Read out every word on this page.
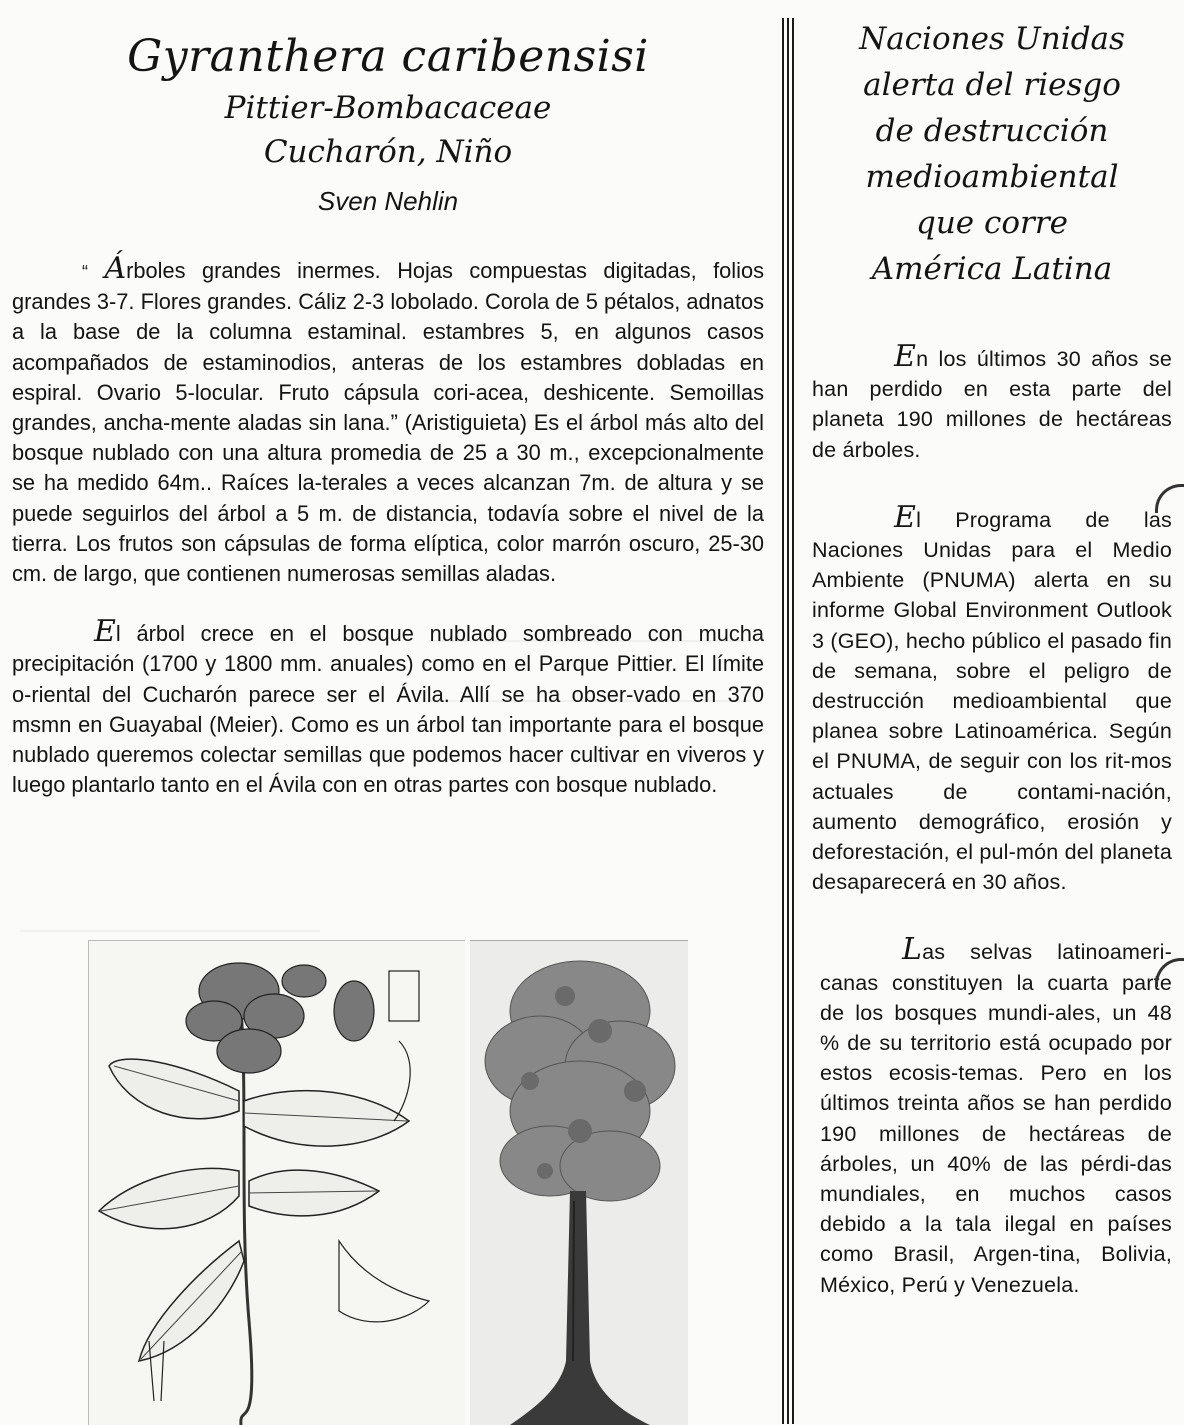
Gyranthera caribensisi
Pittier-Bombacaceae
Cucharón, Niño
Sven Nehlin

“ Árboles grandes inermes. Hojas compuestas digitadas, folios grandes 3-7. Flores grandes. Cáliz 2-3 lobolado. Corola de 5 pétalos, adnatos a la base de la columna estaminal. estambres 5, en algunos casos acompañados de estaminodios, anteras de los estambres dobladas en espiral. Ovario 5-locular. Fruto cápsula cori-acea, deshicente. Semoillas grandes, ancha-mente aladas sin lana.” (Aristiguieta) Es el árbol más alto del bosque nublado con una altura promedia de 25 a 30 m., excepcionalmente se ha medido 64m.. Raíces la-terales a veces alcanzan 7m. de altura y se puede seguirlos del árbol a 5 m. de distancia, todavía sobre el nivel de la tierra. Los frutos son cápsulas de forma elíptica, color marrón oscuro, 25-30 cm. de largo, que contienen numerosas semillas aladas.

El árbol crece en el bosque nublado sombreado con mucha precipitación (1700 y 1800 mm. anuales) como en el Parque Pittier. El límite o-riental del Cucharón parece ser el Ávila. Allí se ha obser-vado en 370 msmn en Guayabal (Meier). Como es un árbol tan importante para el bosque nublado queremos colectar semillas que podemos hacer cultivar en viveros y luego plantarlo tanto en el Ávila con en otras partes con bosque nublado.

Naciones Unidas

alerta del riesgo

de destrucción

medioambiental

que corre

América Latina

En los últimos 30 años se han perdido en esta parte del planeta 190 millones de hectáreas de árboles.

El Programa de las Naciones Unidas para el Medio Ambiente (PNUMA) alerta en su informe Global Environment Outlook 3 (GEO), hecho público el pasado fin de semana, sobre el peligro de destrucción medioambiental que planea sobre Latinoamérica. Según el PNUMA, de seguir con los rit-mos actuales de contami-nación, aumento demográfico, erosión y deforestación, el pul-món del planeta desaparecerá en 30 años.

Las selvas latinoameri-canas constituyen la cuarta parte de los bosques mundi-ales, un 48 % de su territorio está ocupado por estos ecosis-temas. Pero en los últimos treinta años se han perdido 190 millones de hectáreas de árboles, un 40% de las pérdi-das mundiales, en muchos casos debido a la tala ilegal en países como Brasil, Argen-tina, Bolivia, México, Perú y Venezuela.
